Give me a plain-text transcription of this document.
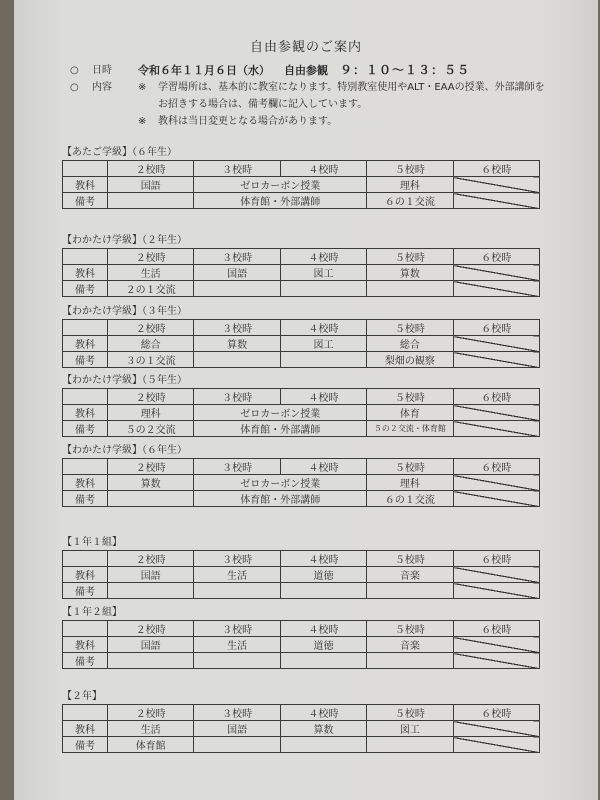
自由参観のご案内
○	日時	令和６年１１月６日（水） 自由参観 ９：１０～１３：５５
○	内容	※	学習場所は、基本的に教室になります。特別教室使用やALT・EAAの授業、外部講師を
お招きする場合は、備考欄に記入しています。
※	教科は当日変更となる場合があります。
【あたご学級】（６年生）
	２校時	３校時	４校時	５校時	６校時
教科	国語	ゼロカーボン授業		理科	
備考		体育館・外部講師		６の１交流	
【わかたけ学級】（２年生）
	２校時	３校時	４校時	５校時	６校時
教科	生活	国語	図工	算数	
備考	２の１交流				
【わかたけ学級】（３年生）
	２校時	３校時	４校時	５校時	６校時
教科	総合	算数	図工	総合	
備考	３の１交流			梨畑の観察	
【わかたけ学級】（５年生）
	２校時	３校時	４校時	５校時	６校時
教科	理科	ゼロカーボン授業		体育	
備考	５の２交流	体育館・外部講師		５の２交流・体育館	
【わかたけ学級】（６年生）
	２校時	３校時	４校時	５校時	６校時
教科	算数	ゼロカーボン授業		理科	
備考		体育館・外部講師		６の１交流	
【１年１組】
	２校時	３校時	４校時	５校時	６校時
教科	国語	生活	道徳	音楽	
備考					
【１年２組】
	２校時	３校時	４校時	５校時	６校時
教科	国語	生活	道徳	音楽	
備考					
【２年】
	２校時	３校時	４校時	５校時	６校時
教科	生活	国語	算数	図工	
備考	体育館				
